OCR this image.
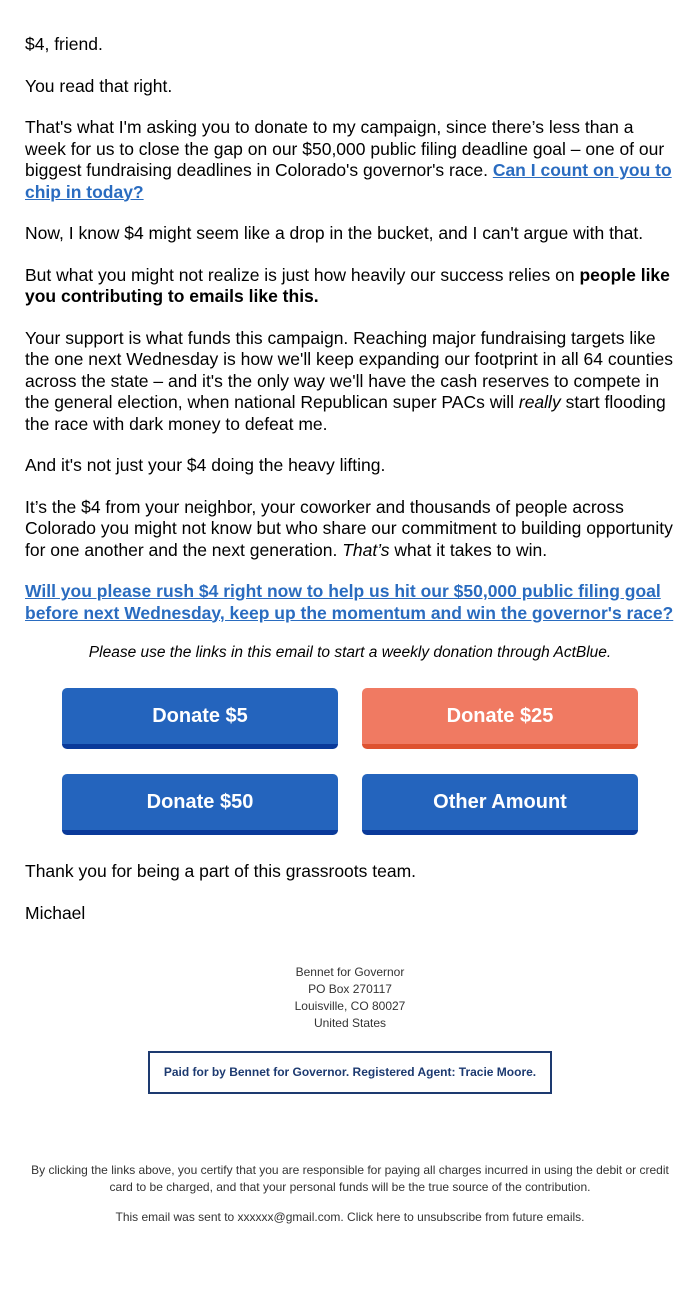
$4, friend.

You read that right.

That's what I'm asking you to donate to my campaign, since there’s less than a week for us to close the gap on our $50,000 public filing deadline goal – one of our biggest fundraising deadlines in Colorado's governor's race. Can I count on you to chip in today?

Now, I know $4 might seem like a drop in the bucket, and I can't argue with that.

But what you might not realize is just how heavily our success relies on people like you contributing to emails like this.

Your support is what funds this campaign. Reaching major fundraising targets like the one next Wednesday is how we'll keep expanding our footprint in all 64 counties across the state – and it's the only way we'll have the cash reserves to compete in the general election, when national Republican super PACs will really start flooding the race with dark money to defeat me.

And it's not just your $4 doing the heavy lifting.

It’s the $4 from your neighbor, your coworker and thousands of people across Colorado you might not know but who share our commitment to building opportunity for one another and the next generation. That’s what it takes to win.

Will you please rush $4 right now to help us hit our $50,000 public filing goal before next Wednesday, keep up the momentum and win the governor's race?

Please use the links in this email to start a weekly donation through ActBlue.
Donate $5	Donate $25
Donate $50	Other Amount

Thank you for being a part of this grassroots team.

Michael

Bennet for Governor
PO Box 270117
Louisville, CO 80027
United States
Paid for by Bennet for Governor. Registered Agent: Tracie Moore.

By clicking the links above, you certify that you are responsible for paying all charges incurred in using the debit or credit card to be charged, and that your personal funds will be the true source of the contribution.

This email was sent to xxxxxx@gmail.com. Click here to unsubscribe from future emails.
